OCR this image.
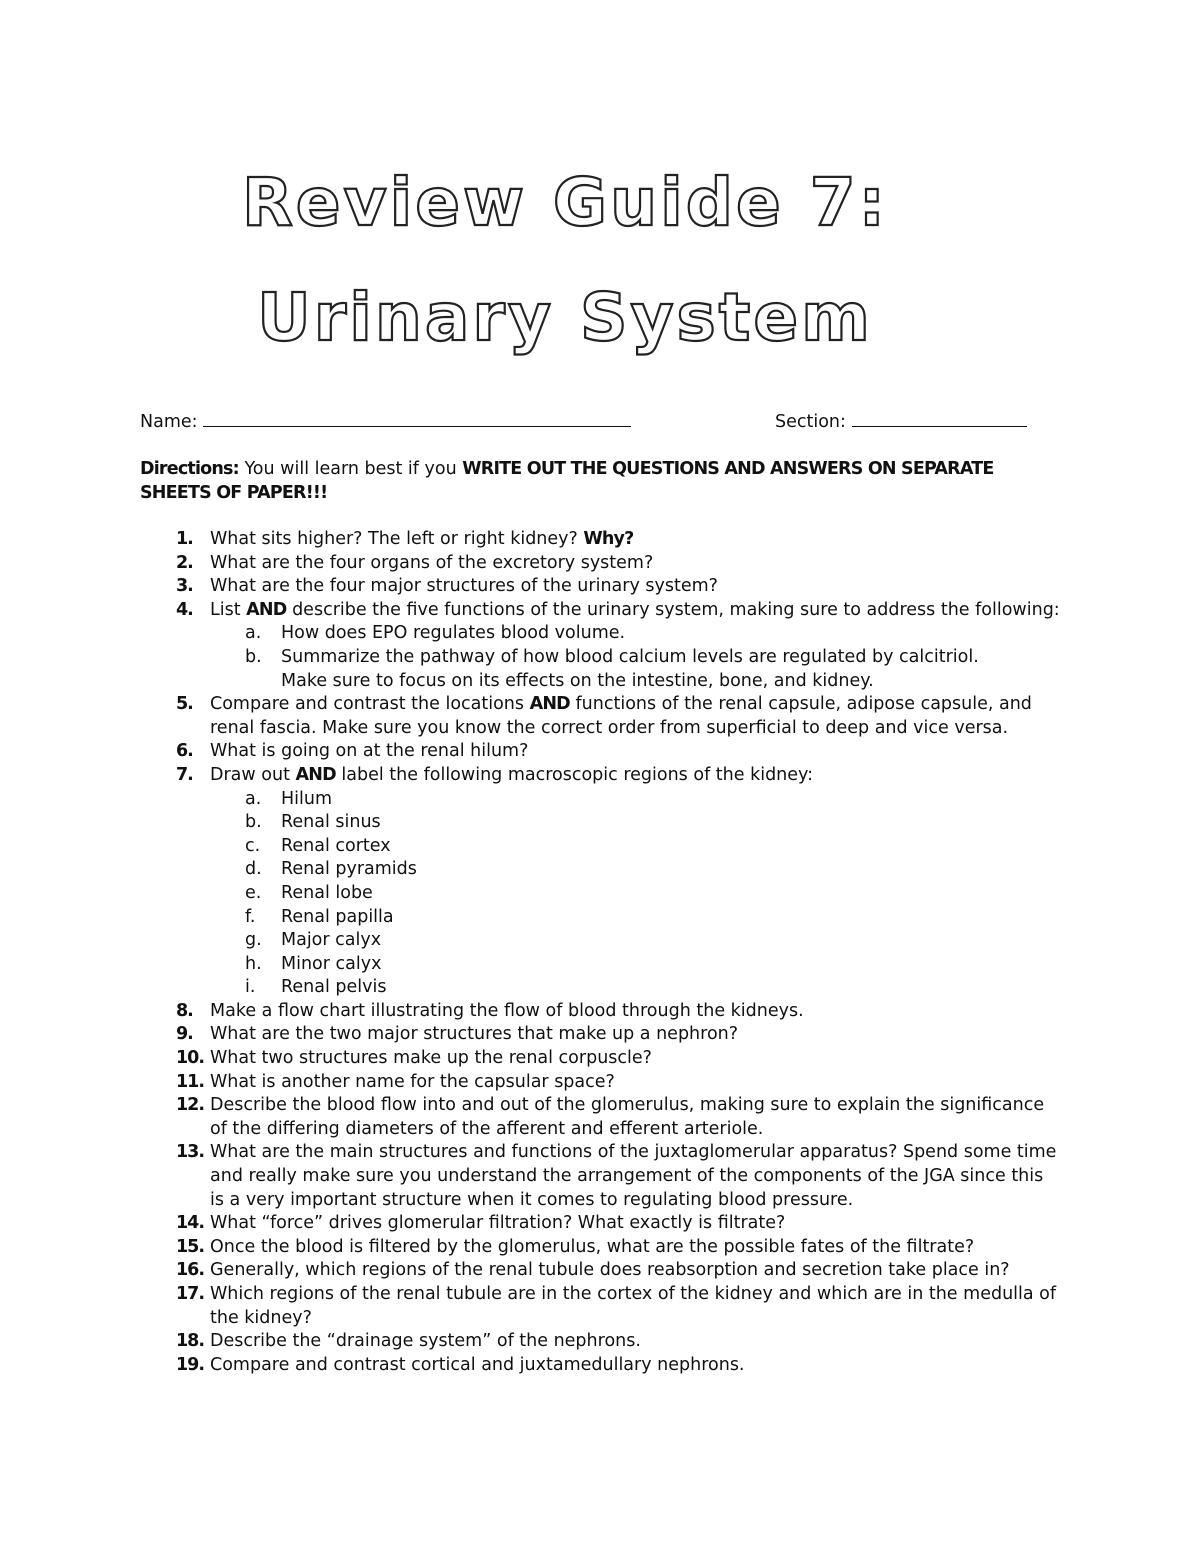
Review Guide 7:
Urinary System
Name:	Section:
Directions: You will learn best if you WRITE OUT THE QUESTIONS AND ANSWERS ON SEPARATE SHEETS OF PAPER!!!
1. What sits higher? The left or right kidney? Why?
2. What are the four organs of the excretory system?
3. What are the four major structures of the urinary system?
4. List AND describe the five functions of the urinary system, making sure to address the following:
a. How does EPO regulates blood volume.
b. Summarize the pathway of how blood calcium levels are regulated by calcitriol. Make sure to focus on its effects on the intestine, bone, and kidney.
5. Compare and contrast the locations AND functions of the renal capsule, adipose capsule, and renal fascia. Make sure you know the correct order from superficial to deep and vice versa.
6. What is going on at the renal hilum?
7. Draw out AND label the following macroscopic regions of the kidney:
a. Hilum
b. Renal sinus
c. Renal cortex
d. Renal pyramids
e. Renal lobe
f. Renal papilla
g. Major calyx
h. Minor calyx
i. Renal pelvis
8. Make a flow chart illustrating the flow of blood through the kidneys.
9. What are the two major structures that make up a nephron?
10. What two structures make up the renal corpuscle?
11. What is another name for the capsular space?
12. Describe the blood flow into and out of the glomerulus, making sure to explain the significance of the differing diameters of the afferent and efferent arteriole.
13. What are the main structures and functions of the juxtaglomerular apparatus? Spend some time and really make sure you understand the arrangement of the components of the JGA since this is a very important structure when it comes to regulating blood pressure.
14. What “force” drives glomerular filtration? What exactly is filtrate?
15. Once the blood is filtered by the glomerulus, what are the possible fates of the filtrate?
16. Generally, which regions of the renal tubule does reabsorption and secretion take place in?
17. Which regions of the renal tubule are in the cortex of the kidney and which are in the medulla of the kidney?
18. Describe the “drainage system” of the nephrons.
19. Compare and contrast cortical and juxtamedullary nephrons.
